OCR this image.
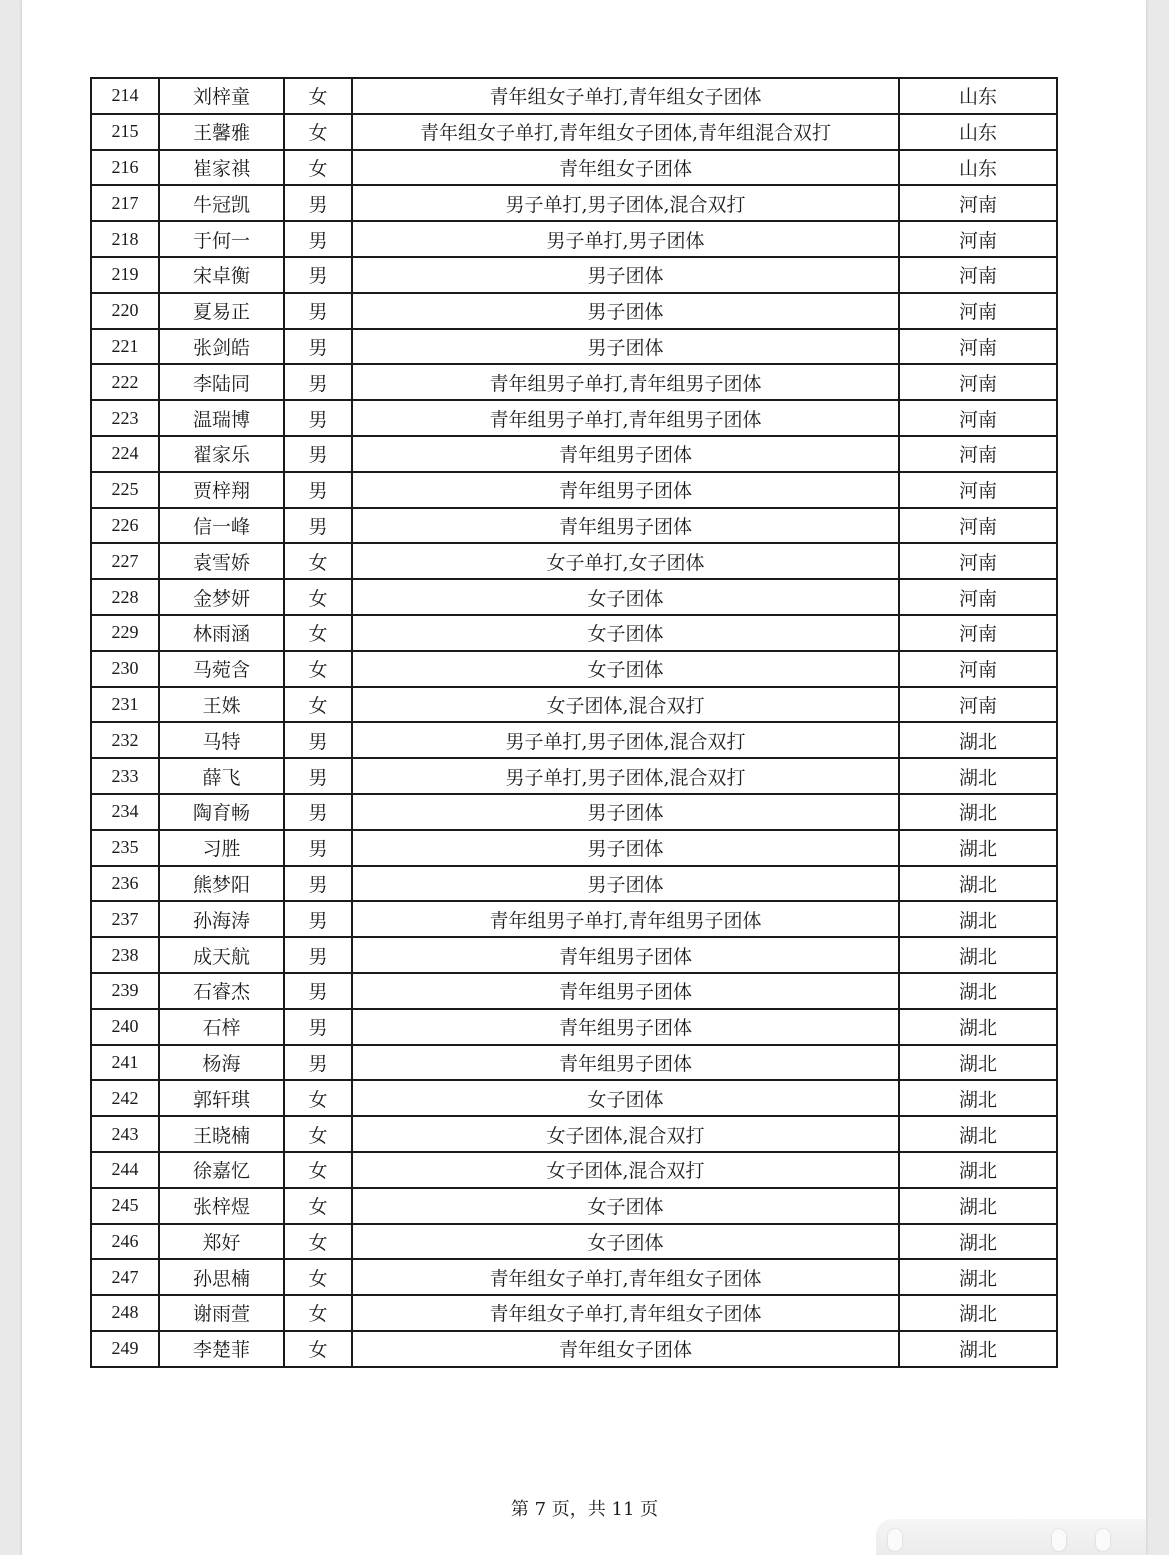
214	刘梓童	女	青年组女子单打,青年组女子团体	山东
215	王馨雅	女	青年组女子单打,青年组女子团体,青年组混合双打	山东
216	崔家祺	女	青年组女子团体	山东
217	牛冠凯	男	男子单打,男子团体,混合双打	河南
218	于何一	男	男子单打,男子团体	河南
219	宋卓衡	男	男子团体	河南
220	夏易正	男	男子团体	河南
221	张剑皓	男	男子团体	河南
222	李陆同	男	青年组男子单打,青年组男子团体	河南
223	温瑞博	男	青年组男子单打,青年组男子团体	河南
224	翟家乐	男	青年组男子团体	河南
225	贾梓翔	男	青年组男子团体	河南
226	信一峰	男	青年组男子团体	河南
227	袁雪娇	女	女子单打,女子团体	河南
228	金梦妍	女	女子团体	河南
229	林雨涵	女	女子团体	河南
230	马菀含	女	女子团体	河南
231	王姝	女	女子团体,混合双打	河南
232	马特	男	男子单打,男子团体,混合双打	湖北
233	薛飞	男	男子单打,男子团体,混合双打	湖北
234	陶育畅	男	男子团体	湖北
235	习胜	男	男子团体	湖北
236	熊梦阳	男	男子团体	湖北
237	孙海涛	男	青年组男子单打,青年组男子团体	湖北
238	成天航	男	青年组男子团体	湖北
239	石睿杰	男	青年组男子团体	湖北
240	石梓	男	青年组男子团体	湖北
241	杨海	男	青年组男子团体	湖北
242	郭轩琪	女	女子团体	湖北
243	王晓楠	女	女子团体,混合双打	湖北
244	徐嘉忆	女	女子团体,混合双打	湖北
245	张梓煜	女	女子团体	湖北
246	郑好	女	女子团体	湖北
247	孙思楠	女	青年组女子单打,青年组女子团体	湖北
248	谢雨萱	女	青年组女子单打,青年组女子团体	湖北
249	李楚菲	女	青年组女子团体	湖北
第 7 页，共 11 页
